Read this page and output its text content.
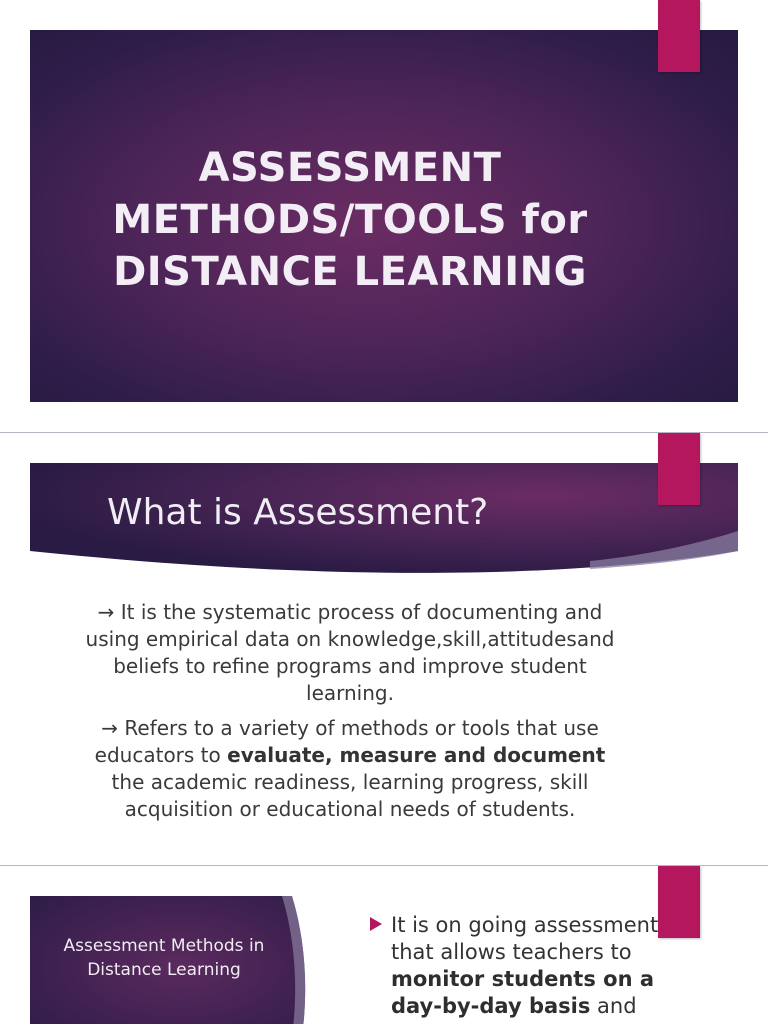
ASSESSMENT METHODS/TOOLS for DISTANCE LEARNING
What is Assessment?

→ It is the systematic process of documenting and using empirical data on knowledge,skill,attitudesand beliefs to refine programs and improve student learning.

→ Refers to a variety of methods or tools that use educators to evaluate, measure and document the academic readiness, learning progress, skill acquisition or educational needs of students.

Assessment Methods in Distance Learning
It is on going assessment that allows teachers to monitor students on a day-by-day basis and
